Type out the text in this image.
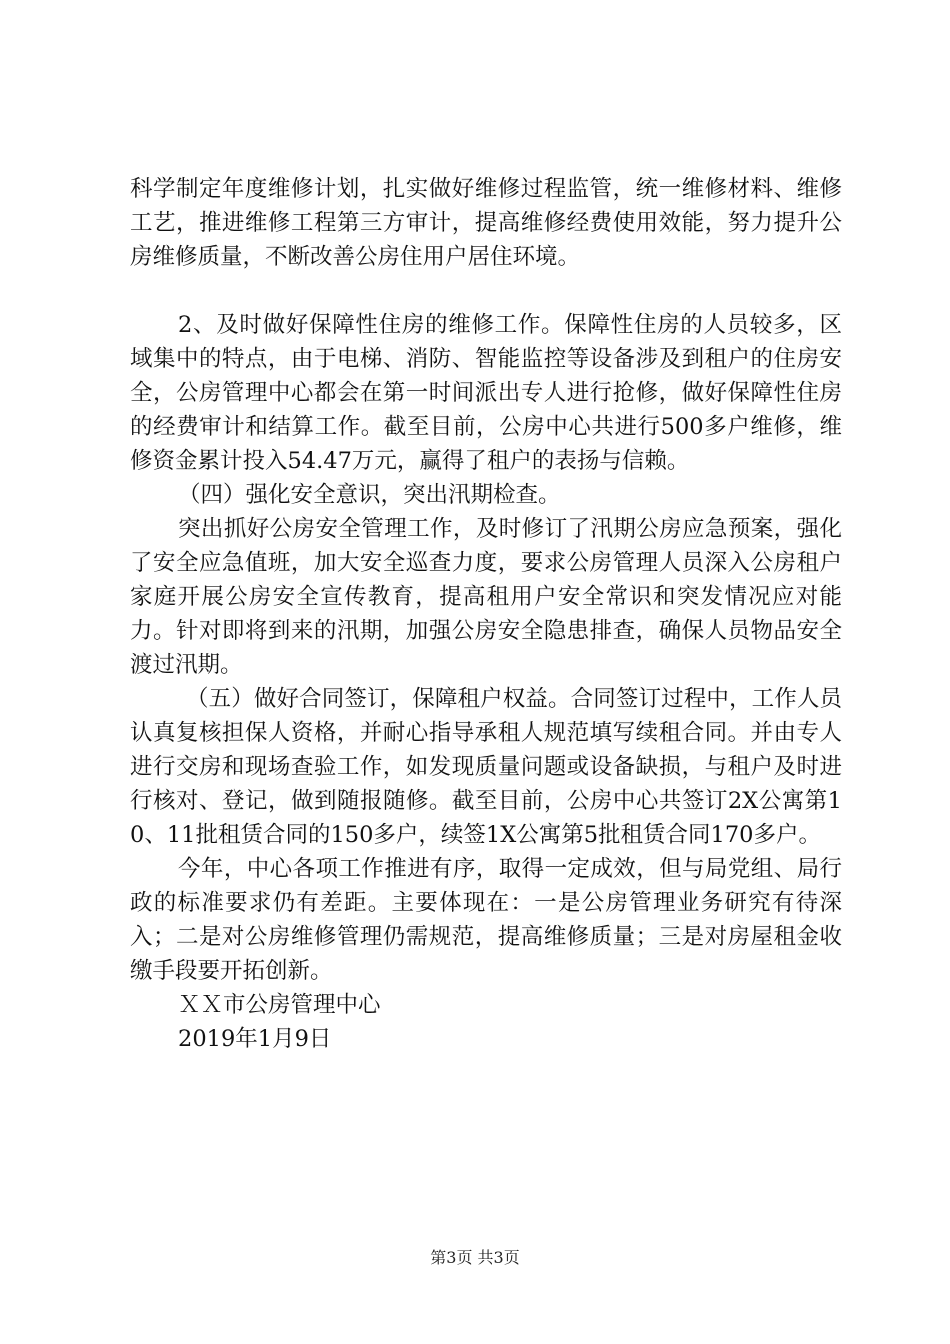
科学制定年度维修计划，扎实做好维修过程监管，统一维修材料、维修工艺，推进维修工程第三方审计，提高维修经费使用效能，努力提升公房维修质量，不断改善公房住用户居住环境。

2、及时做好保障性住房的维修工作。保障性住房的人员较多，区域集中的特点，由于电梯、消防、智能监控等设备涉及到租户的住房安全，公房管理中心都会在第一时间派出专人进行抢修，做好保障性住房的经费审计和结算工作。截至目前，公房中心共进行500多户维修，维修资金累计投入54.47万元，赢得了租户的表扬与信赖。

（四）强化安全意识，突出汛期检查。

突出抓好公房安全管理工作，及时修订了汛期公房应急预案，强化了安全应急值班，加大安全巡查力度，要求公房管理人员深入公房租户家庭开展公房安全宣传教育，提高租用户安全常识和突发情况应对能力。针对即将到来的汛期，加强公房安全隐患排查，确保人员物品安全渡过汛期。

（五）做好合同签订，保障租户权益。合同签订过程中，工作人员认真复核担保人资格，并耐心指导承租人规范填写续租合同。并由专人进行交房和现场查验工作，如发现质量问题或设备缺损，与租户及时进行核对、登记，做到随报随修。截至目前，公房中心共签订2X公寓第10、11批租赁合同的150多户，续签1X公寓第5批租赁合同170多户。

今年，中心各项工作推进有序，取得一定成效，但与局党组、局行政的标准要求仍有差距。主要体现在：一是公房管理业务研究有待深入；二是对公房维修管理仍需规范，提高维修质量；三是对房屋租金收缴手段要开拓创新。

ＸＸ市公房管理中心

2019年1月9日

第3页 共3页
